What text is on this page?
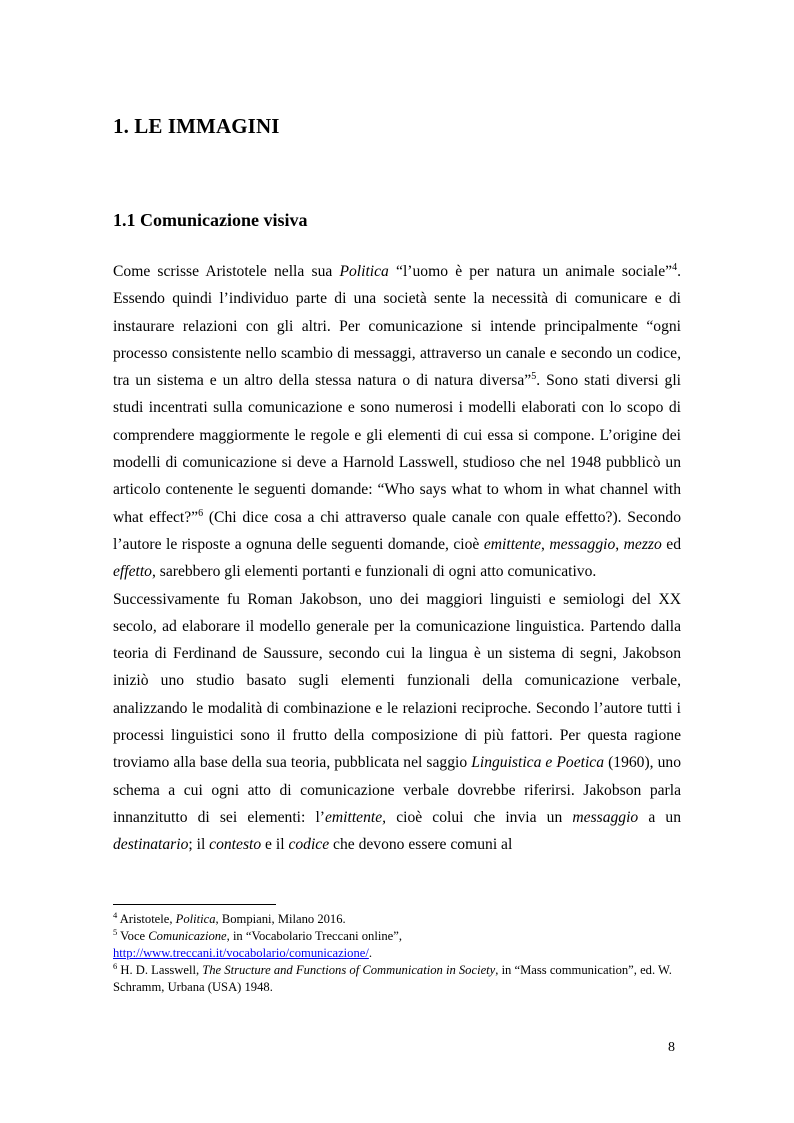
1. LE IMMAGINI
1.1 Comunicazione visiva

Come scrisse Aristotele nella sua Politica “l’uomo è per natura un animale sociale”$^4$. Essendo quindi l’individuo parte di una società sente la necessità di comunicare e di instaurare relazioni con gli altri. Per comunicazione si intende principalmente “ogni processo consistente nello scambio di messaggi, attraverso un canale e secondo un codice, tra un sistema e un altro della stessa natura o di natura diversa”$^5$. Sono stati diversi gli studi incentrati sulla comunicazione e sono numerosi i modelli elaborati con lo scopo di comprendere maggiormente le regole e gli elementi di cui essa si compone. L’origine dei modelli di comunicazione si deve a Harnold Lasswell, studioso che nel 1948 pubblicò un articolo contenente le seguenti domande: “Who says what to whom in what channel with what effect?”$^6$ (Chi dice cosa a chi attraverso quale canale con quale effetto?). Secondo l’autore le risposte a ognuna delle seguenti domande, cioè emittente, messaggio, mezzo ed effetto, sarebbero gli elementi portanti e funzionali di ogni atto comunicativo.

Successivamente fu Roman Jakobson, uno dei maggiori linguisti e semiologi del XX secolo, ad elaborare il modello generale per la comunicazione linguistica. Partendo dalla teoria di Ferdinand de Saussure, secondo cui la lingua è un sistema di segni, Jakobson iniziò uno studio basato sugli elementi funzionali della comunicazione verbale, analizzando le modalità di combinazione e le relazioni reciproche. Secondo l’autore tutti i processi linguistici sono il frutto della composizione di più fattori. Per questa ragione troviamo alla base della sua teoria, pubblicata nel saggio Linguistica e Poetica (1960), uno schema a cui ogni atto di comunicazione verbale dovrebbe riferirsi. Jakobson parla innanzitutto di sei elementi: l’emittente, cioè colui che invia un messaggio a un destinatario; il contesto e il codice che devono essere comuni al

$^4$ Aristotele, Politica, Bompiani, Milano 2016.

$^5$ Voce Comunicazione, in “Vocabolario Treccani online”,
http://www.treccani.it/vocabolario/comunicazione/.

$^6$ H. D. Lasswell, The Structure and Functions of Communication in Society, in “Mass communication”, ed. W. Schramm, Urbana (USA) 1948.

8
